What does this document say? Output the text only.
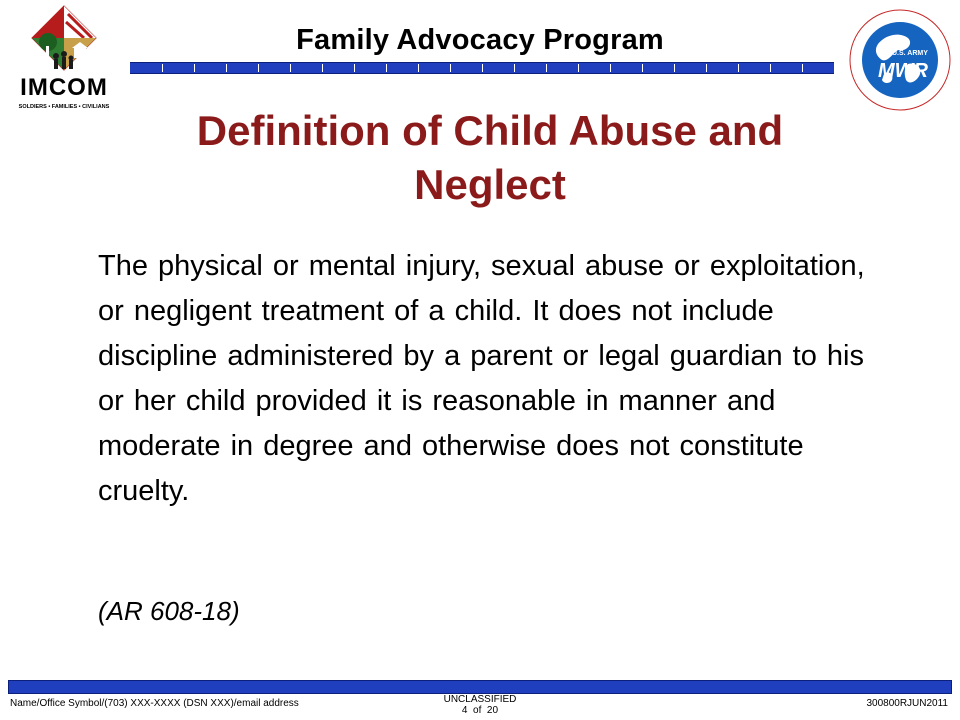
IMCOM
SOLDIERS • FAMILIES • CIVILIANS
Family Advocacy Program	U.S. ARMY
MWR
Definition of Child Abuse and Neglect
The physical or mental injury, sexual abuse or exploitation, or negligent treatment of a child. It does not include discipline administered by a parent or legal guardian to his or her child provided it is reasonable in manner and moderate in degree and otherwise does not constitute cruelty.
(AR 608-18)
Name/Office Symbol/(703) XXX-XXXX (DSN XXX)/email address	UNCLASSIFIED
4  of  20
300800RJUN2011
